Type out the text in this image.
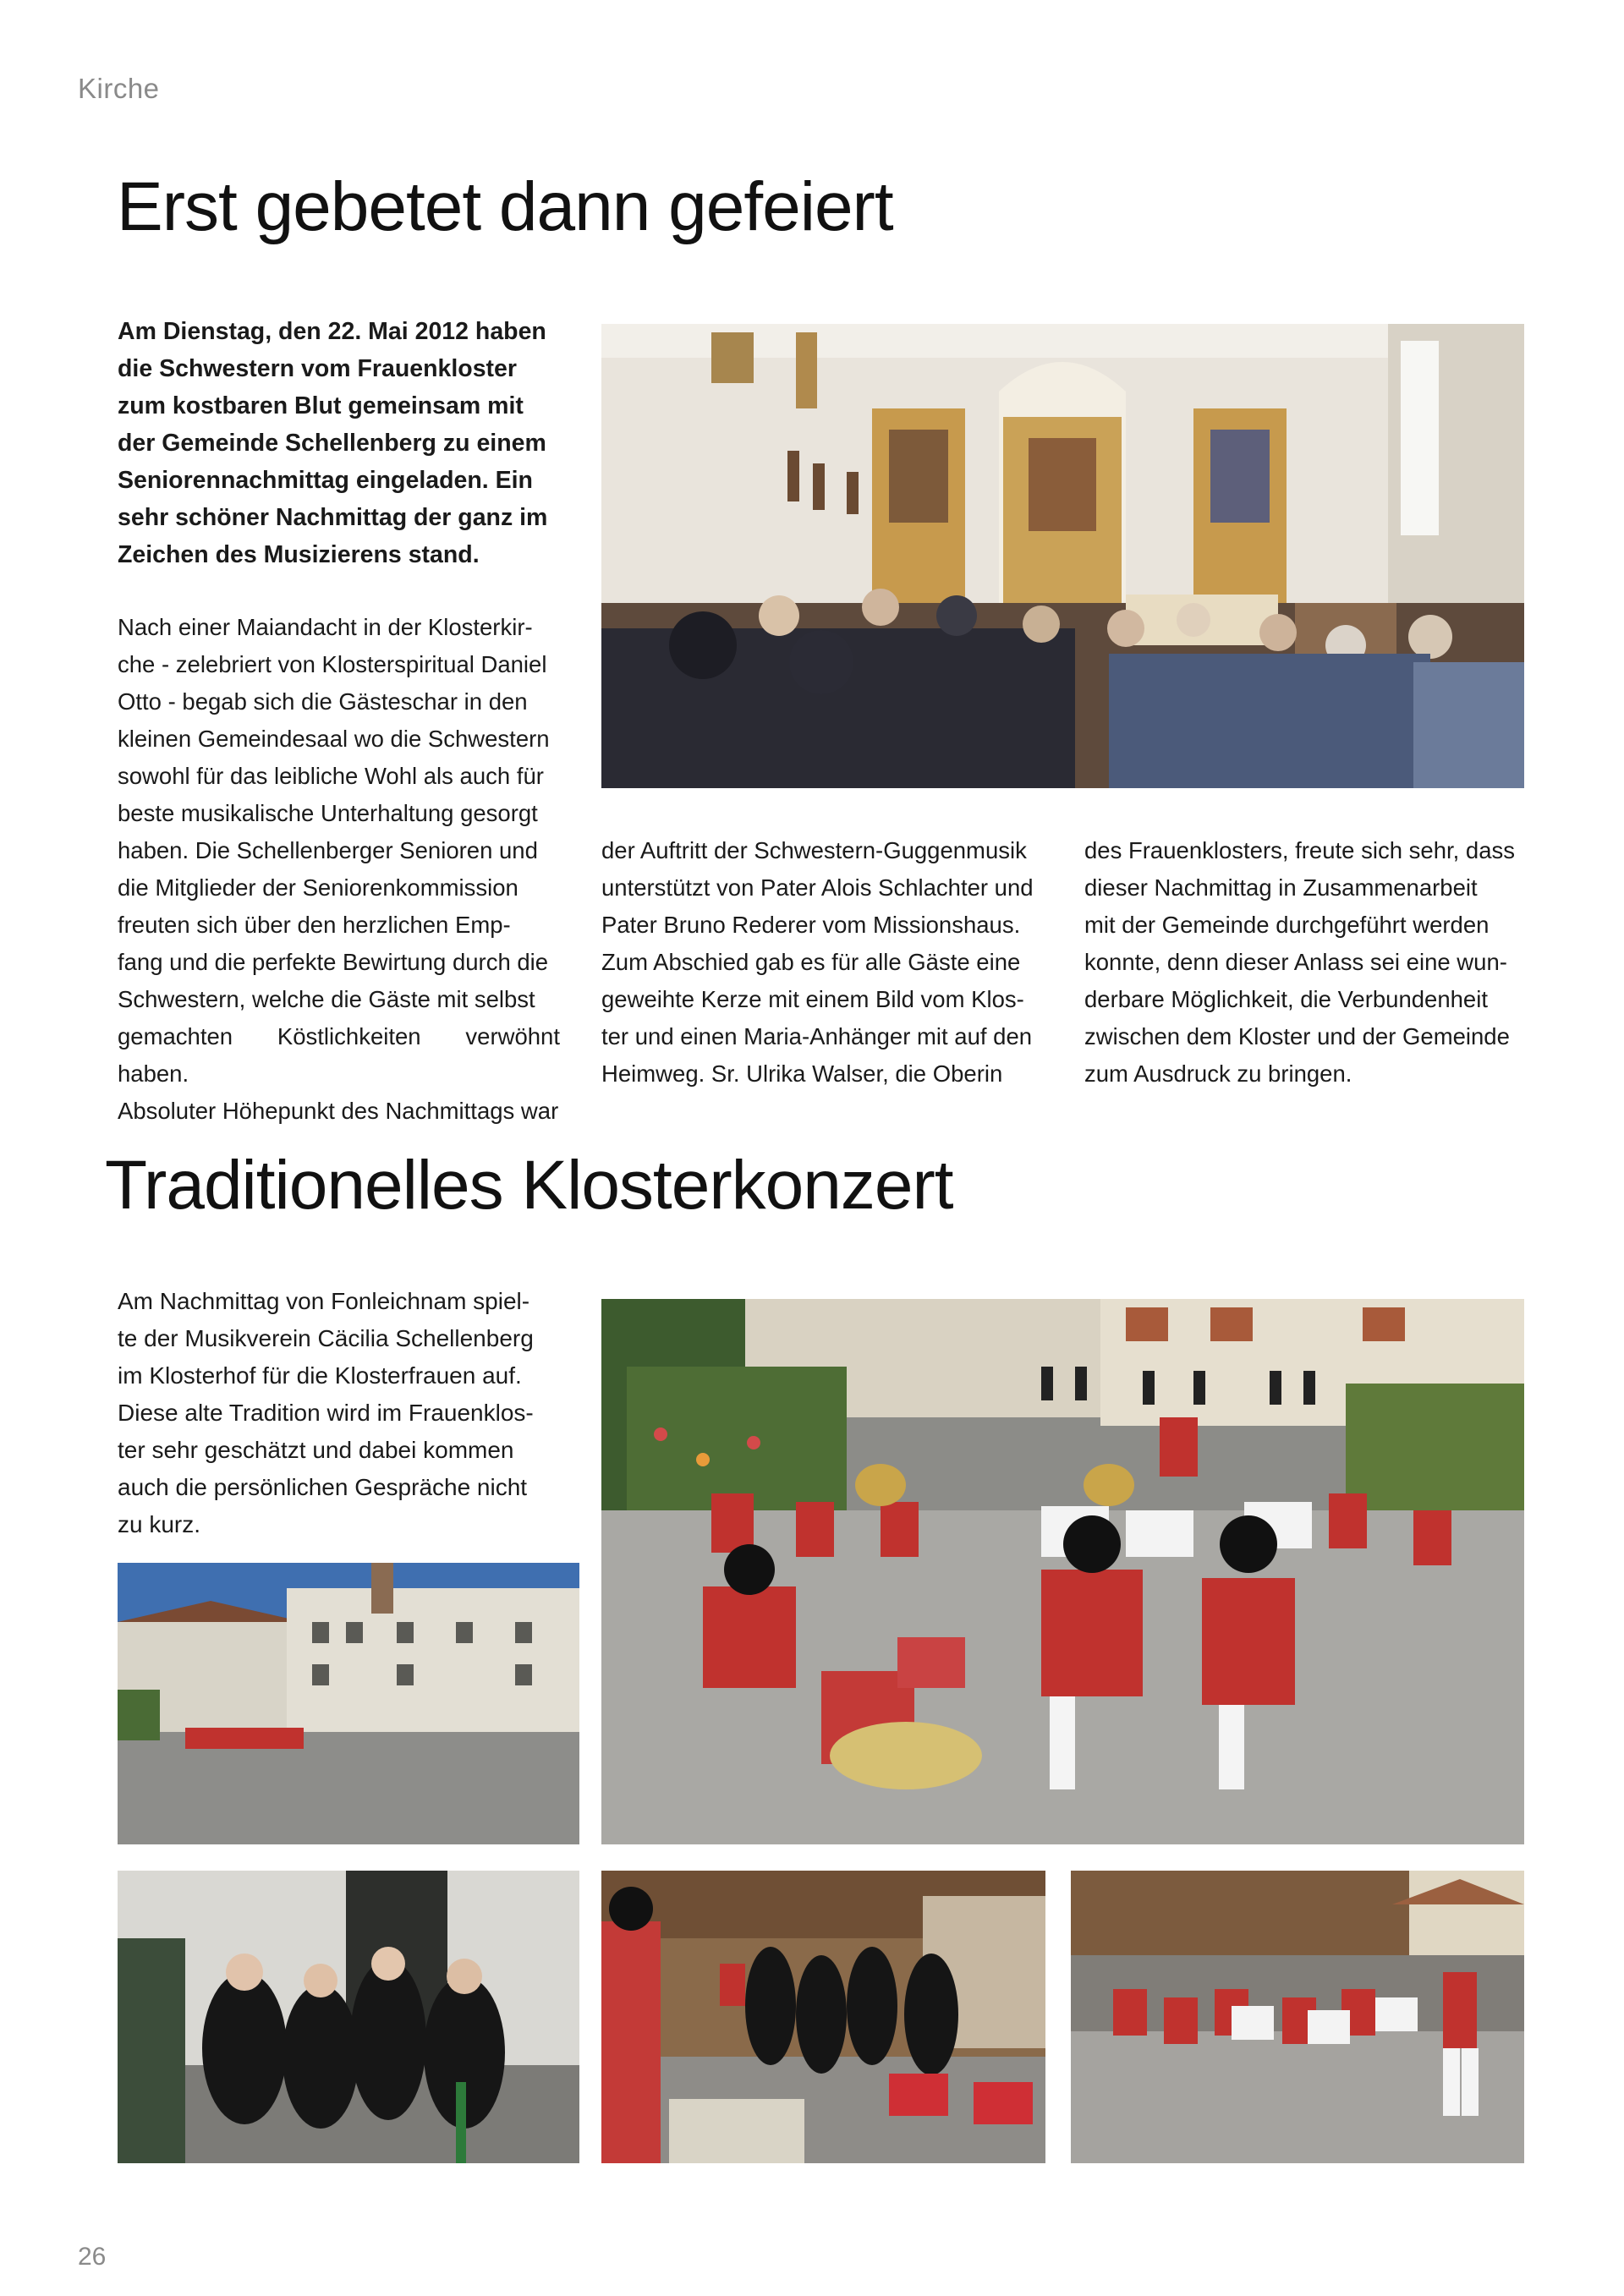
Kirche
Erst gebetet dann gefeiert

Am Dienstag, den 22. Mai 2012 haben

die Schwestern vom Frauenkloster

zum kostbaren Blut gemeinsam mit

der Gemeinde Schellenberg zu einem

Seniorennachmittag eingeladen. Ein

sehr schöner Nachmittag der ganz im

Zeichen des Musizierens stand.

Nach einer Maiandacht in der Klosterkir-
che - zelebriert von Klosterspiritual Daniel
Otto - begab sich die Gästeschar in den
kleinen Gemeindesaal wo die Schwestern
sowohl für das leibliche Wohl als auch für
beste musikalische Unterhaltung gesorgt
haben. Die Schellenberger Senioren und
die Mitglieder der Seniorenkommission
freuten sich über den herzlichen Emp-
fang und die perfekte Bewirtung durch die
Schwestern, welche die Gäste mit selbst
gemachten Köstlichkeiten verwöhnt haben.
Absoluter Höhepunkt des Nachmittags war
der Auftritt der Schwestern-Guggenmusik
unterstützt von Pater Alois Schlachter und
Pater Bruno Rederer vom Missionshaus.
Zum Abschied gab es für alle Gäste eine
geweihte Kerze mit einem Bild vom Klos-
ter und einen Maria-Anhänger mit auf den
Heimweg. Sr. Ulrika Walser, die Oberin
des Frauenklosters, freute sich sehr, dass
dieser Nachmittag in Zusammenarbeit
mit der Gemeinde durchgeführt werden
konnte, denn dieser Anlass sei eine wun-
derbare Möglichkeit, die Verbundenheit
zwischen dem Kloster und der Gemeinde
zum Ausdruck zu bringen.
Traditionelles Klosterkonzert
Am Nachmittag von Fonleichnam spiel-
te der Musikverein Cäcilia Schellenberg
im Klosterhof für die Klosterfrauen auf.
Diese alte Tradition wird im Frauenklos-
ter sehr geschätzt und dabei kommen
auch die persönlichen Gespräche nicht
zu kurz.
26
